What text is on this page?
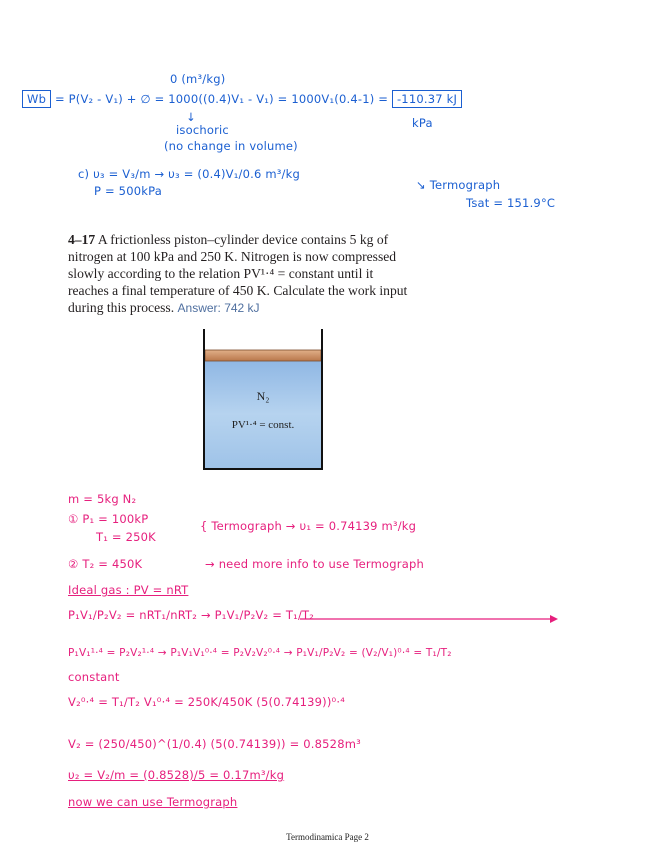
0 (m³/kg)
Wb = P(V₂ - V₁) + ∅ = 1000((0.4)V₁ - V₁) = 1000V₁(0.4-1) = -110.37 kJ
↓
isochoric	kPa
(no change in volume)
c) υ₃ = V₃/m → υ₃ = (0.4)V₁/0.6 m³/kg
P = 500kPa	↘ Termograph
Tsat = 151.9°C
4–17 A frictionless piston–cylinder device contains 5 kg of
nitrogen at 100 kPa and 250 K. Nitrogen is now compressed
slowly according to the relation PV¹·⁴ = constant until it
reaches a final temperature of 450 K. Calculate the work input
during this process. Answer: 742 kJ
N₂
PV¹·⁴ = const.
m = 5kg N₂
① P₁ = 100kP
T₁ = 250K
{ Termograph → υ₁ = 0.74139 m³/kg
② T₂ = 450K	→ need more info to use Termograph
Ideal gas : PV = nRT
P₁V₁/P₂V₂ = nRT₁/nRT₂ → P₁V₁/P₂V₂ = T₁/T₂
P₁V₁¹·⁴ = P₂V₂¹·⁴ → P₁V₁V₁⁰·⁴ = P₂V₂V₂⁰·⁴ → P₁V₁/P₂V₂ = (V₂/V₁)⁰·⁴ = T₁/T₂
constant
V₂⁰·⁴ = T₁/T₂ V₁⁰·⁴ = 250K/450K (5(0.74139))⁰·⁴
V₂ = (250/450)^(1/0.4) (5(0.74139)) = 0.8528m³
υ₂ = V₂/m = (0.8528)/5 = 0.17m³/kg
now we can use Termograph
Termodinamica Page 2
